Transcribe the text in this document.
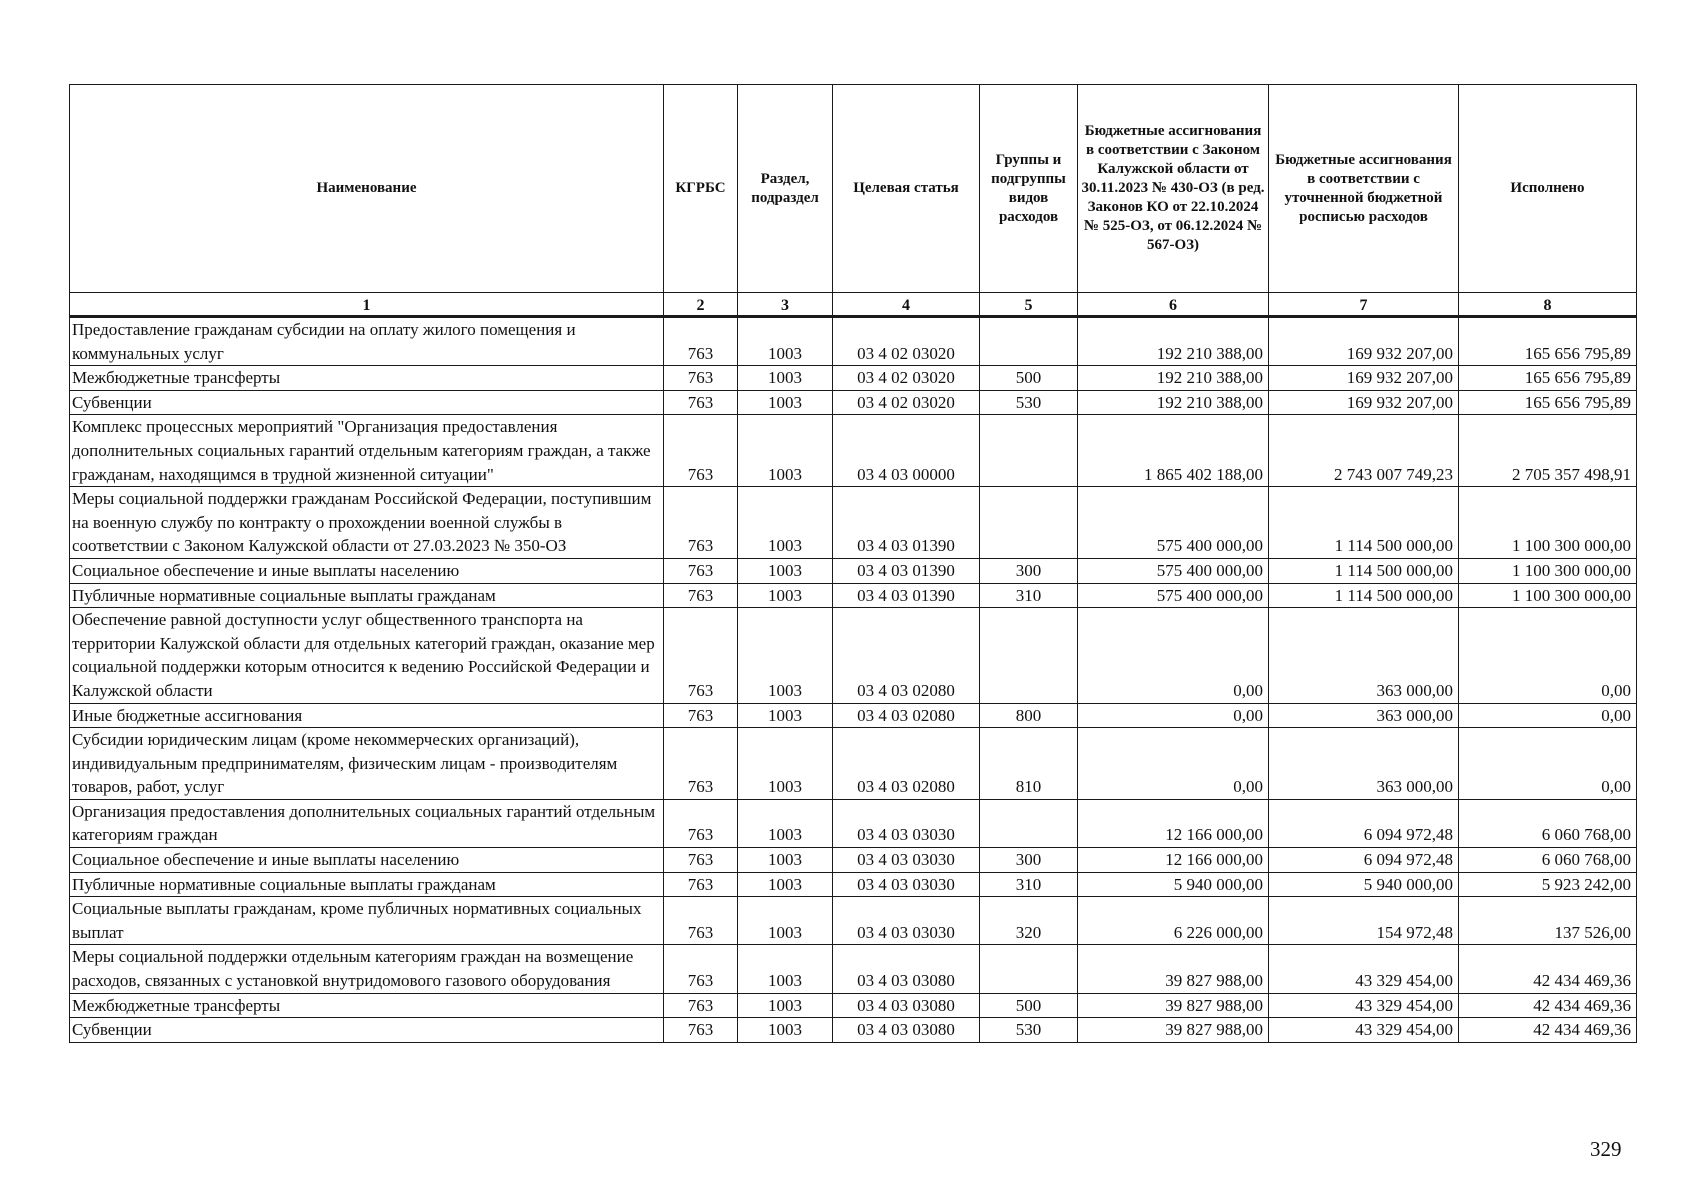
Наименование	КГРБС	Раздел, подраздел	Целевая статья	Группы и подгруппы видов расходов	Бюджетные ассигнования в соответствии с Законом Калужской области от 30.11.2023 № 430-ОЗ (в ред. Законов КО от 22.10.2024 № 525-ОЗ, от 06.12.2024 № 567-ОЗ)	Бюджетные ассигнования в соответствии с уточненной бюджетной росписью расходов	Исполнено
1	2	3	4	5	6	7	8
Предоставление гражданам субсидии на оплату жилого помещения и коммунальных услуг	763	1003	03 4 02 03020		192 210 388,00	169 932 207,00	165 656 795,89
Межбюджетные трансферты	763	1003	03 4 02 03020	500	192 210 388,00	169 932 207,00	165 656 795,89
Субвенции	763	1003	03 4 02 03020	530	192 210 388,00	169 932 207,00	165 656 795,89
Комплекс процессных мероприятий "Организация предоставления дополнительных социальных гарантий отдельным категориям граждан, а также гражданам, находящимся в трудной жизненной ситуации"	763	1003	03 4 03 00000		1 865 402 188,00	2 743 007 749,23	2 705 357 498,91
Меры социальной поддержки гражданам Российской Федерации, поступившим на военную службу по контракту о прохождении военной службы в соответствии с Законом Калужской области от 27.03.2023 № 350-ОЗ	763	1003	03 4 03 01390		575 400 000,00	1 114 500 000,00	1 100 300 000,00
Социальное обеспечение и иные выплаты населению	763	1003	03 4 03 01390	300	575 400 000,00	1 114 500 000,00	1 100 300 000,00
Публичные нормативные социальные выплаты гражданам	763	1003	03 4 03 01390	310	575 400 000,00	1 114 500 000,00	1 100 300 000,00
Обеспечение равной доступности услуг общественного транспорта на территории Калужской области для отдельных категорий граждан, оказание мер социальной поддержки которым относится к ведению Российской Федерации и Калужской области	763	1003	03 4 03 02080		0,00	363 000,00	0,00
Иные бюджетные ассигнования	763	1003	03 4 03 02080	800	0,00	363 000,00	0,00
Субсидии юридическим лицам (кроме некоммерческих организаций), индивидуальным предпринимателям, физическим лицам - производителям товаров, работ, услуг	763	1003	03 4 03 02080	810	0,00	363 000,00	0,00
Организация предоставления дополнительных социальных гарантий отдельным категориям граждан	763	1003	03 4 03 03030		12 166 000,00	6 094 972,48	6 060 768,00
Социальное обеспечение и иные выплаты населению	763	1003	03 4 03 03030	300	12 166 000,00	6 094 972,48	6 060 768,00
Публичные нормативные социальные выплаты гражданам	763	1003	03 4 03 03030	310	5 940 000,00	5 940 000,00	5 923 242,00
Социальные выплаты гражданам, кроме публичных нормативных социальных выплат	763	1003	03 4 03 03030	320	6 226 000,00	154 972,48	137 526,00
Меры социальной поддержки отдельным категориям граждан на возмещение расходов, связанных с установкой внутридомового газового оборудования	763	1003	03 4 03 03080		39 827 988,00	43 329 454,00	42 434 469,36
Межбюджетные трансферты	763	1003	03 4 03 03080	500	39 827 988,00	43 329 454,00	42 434 469,36
Субвенции	763	1003	03 4 03 03080	530	39 827 988,00	43 329 454,00	42 434 469,36
329
